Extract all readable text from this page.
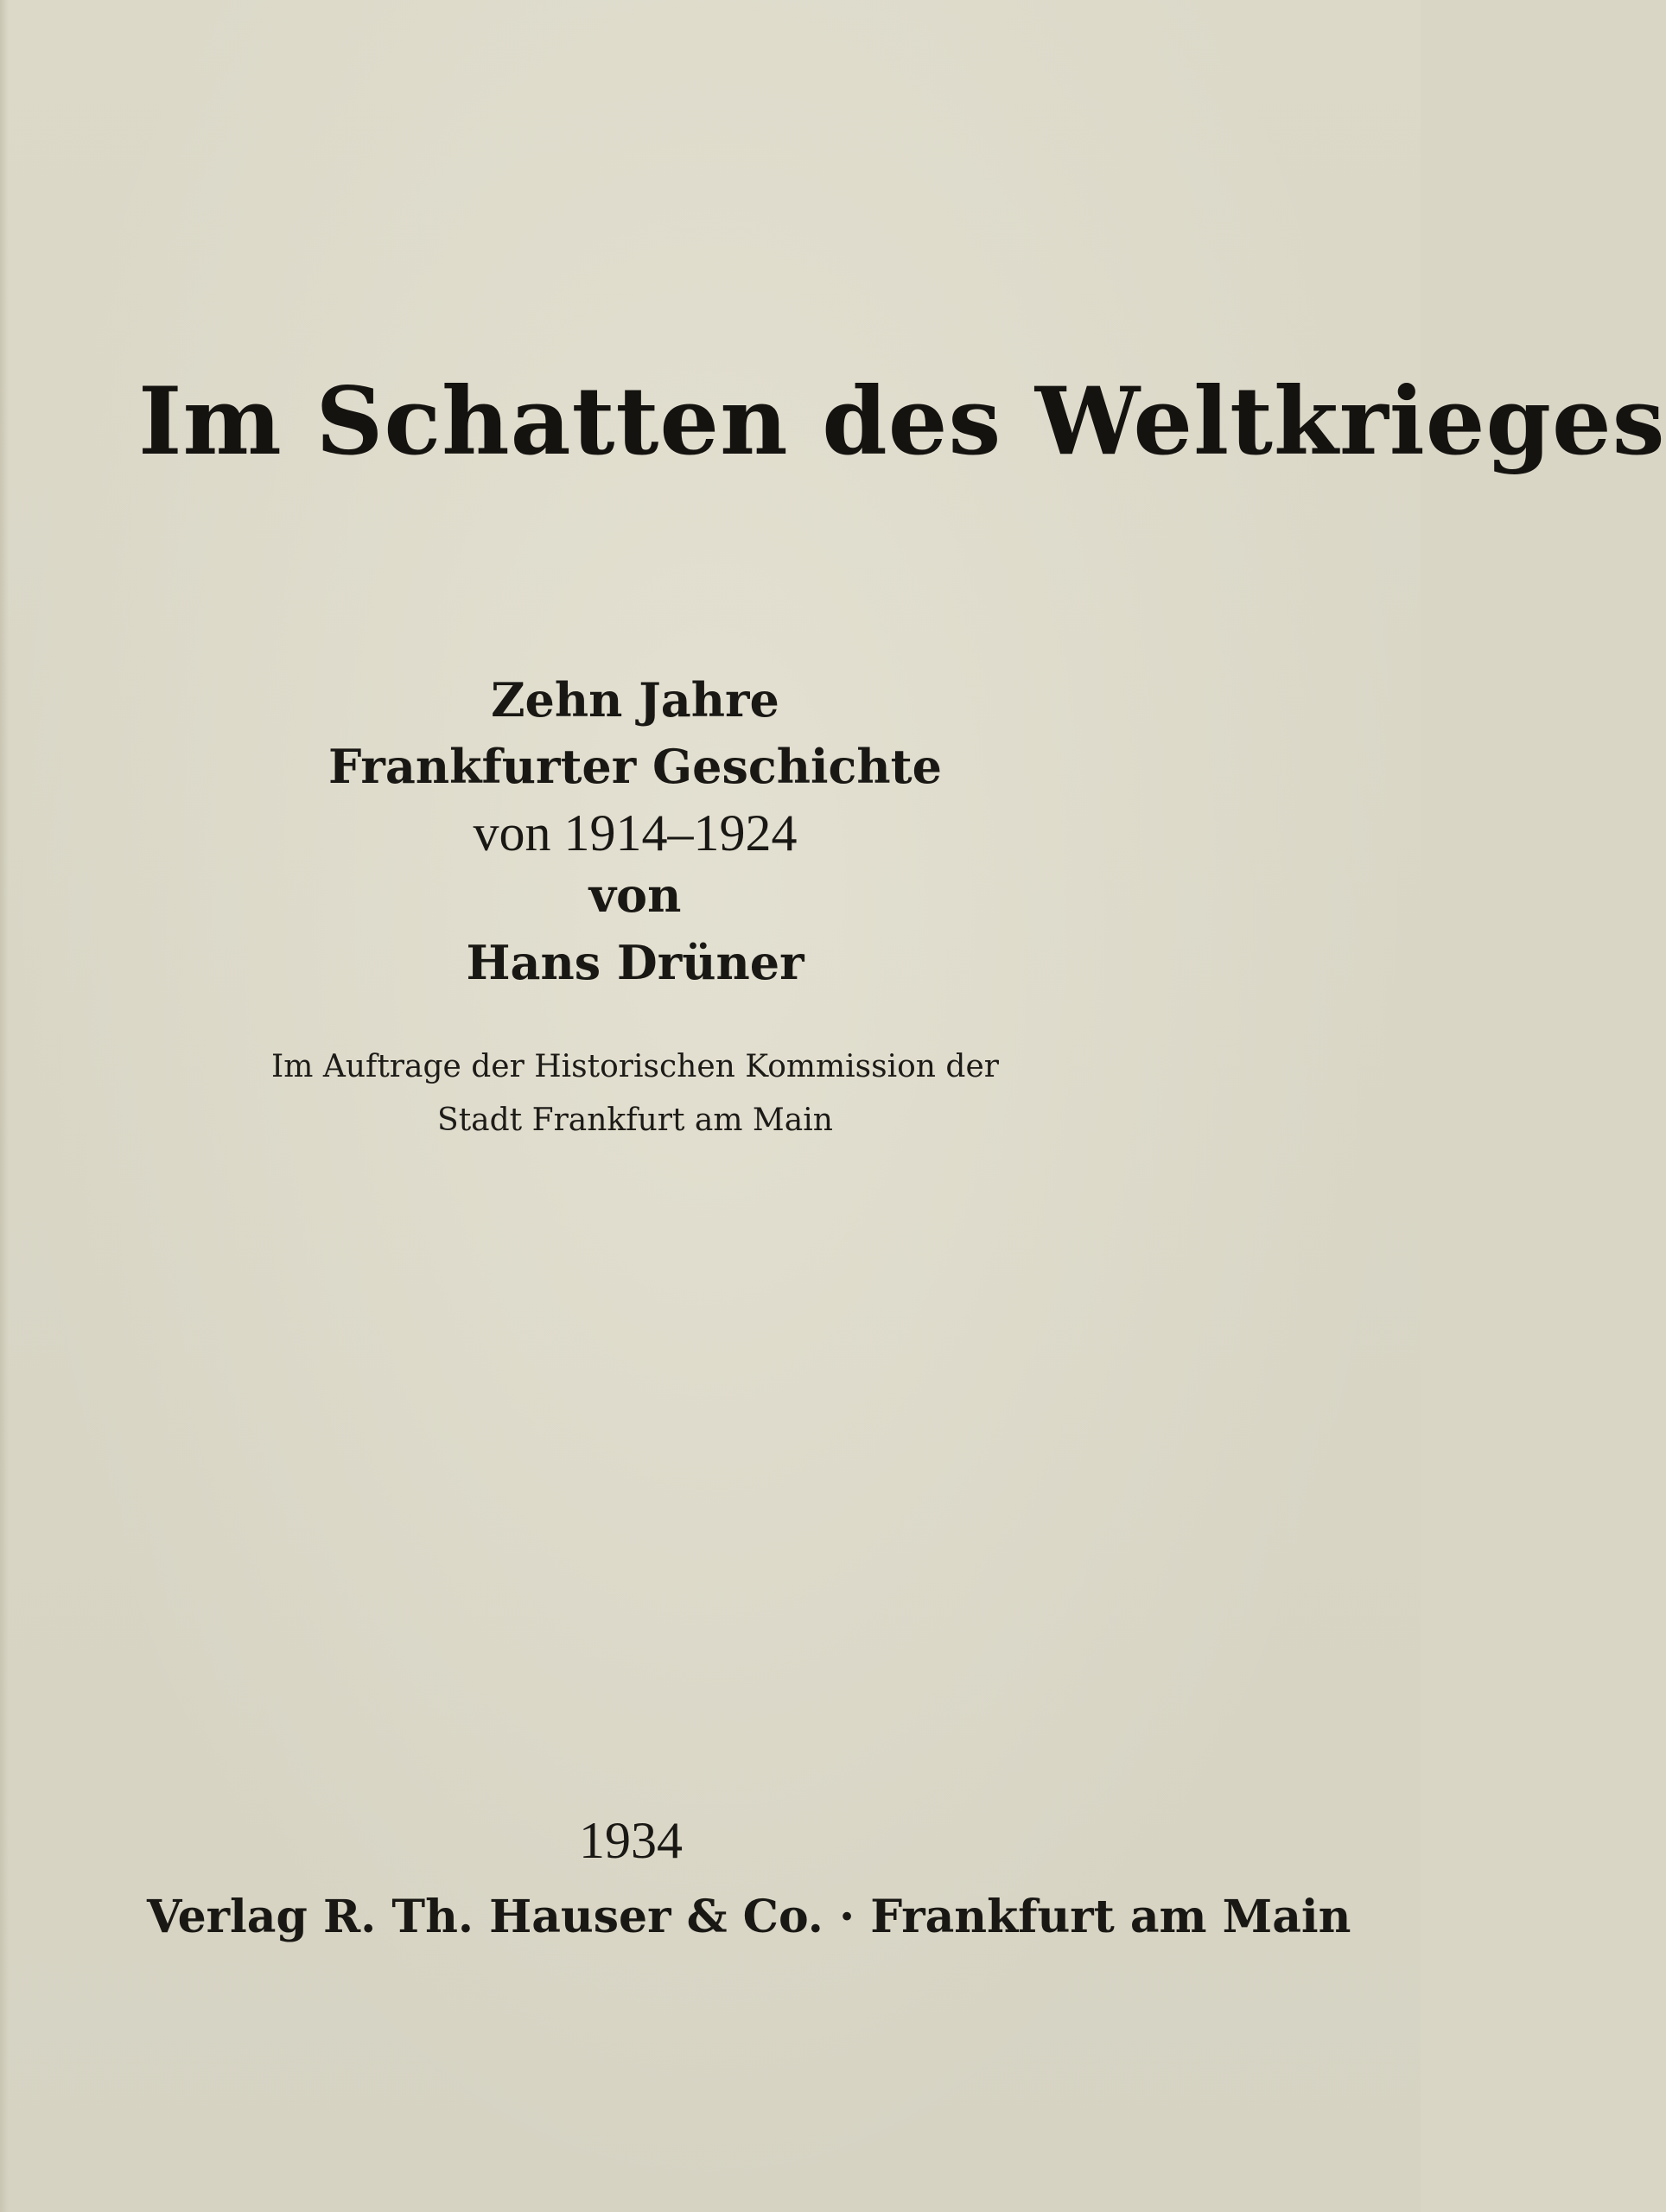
Im Schatten des Weltkrieges
Zehn Jahre
Frankfurter Geschichte
von 1914–1924
von
Hans Drüner
Im Auftrage der Historischen Kommission der
Stadt Frankfurt am Main
1934
Verlag R. Th. Hauser & Co. · Frankfurt am Main
